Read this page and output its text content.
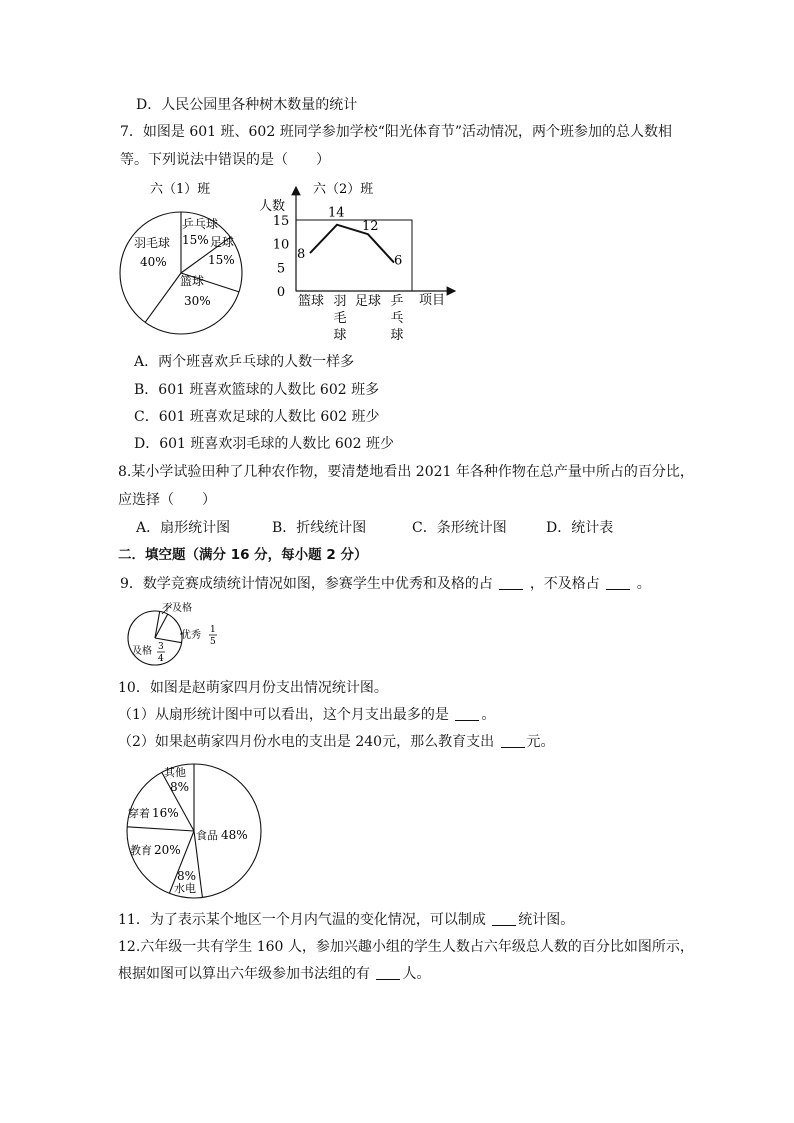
D．人民公园里各种树木数量的统计
7．如图是 601 班、602 班同学参加学校“阳光体育节”活动情况，两个班参加的总人数相
等。下列说法中错误的是（　　）
六（1）班
乒乓球
15% 足球
15%
篮球
30%
羽毛球
40%
六（2）班
人数
项目
0
5
10
15
篮球 羽毛球
足球 乒乓球
8
14
12
6
A．两个班喜欢乒乓球的人数一样多
B．601 班喜欢篮球的人数比 602 班多
C．601 班喜欢足球的人数比 602 班少
D．601 班喜欢羽毛球的人数比 602 班少
8.某小学试验田种了几种农作物，要清楚地看出 2021 年各种作物在总产量中所占的百分比，
应选择（　　）
A．扇形统计图	B．折线统计图	C．条形统计图	D．统计表
二．填空题（满分 16 分，每小题 2 分）
9．数学竞赛成绩统计情况如图，参赛学生中优秀和及格的占	，不及格占	。
不及格
优秀 1
5
及格 3
4
10．如图是赵萌家四月份支出情况统计图。
（1）从扇形统计图中可以看出，这个月支出最多的是 。
（2）如果赵萌家四月份水电的支出是 240元，那么教育支出 元。
食品 48%
8%
水电
教育 20%
穿着 16%
其他
8%
11．为了表示某个地区一个月内气温的变化情况，可以制成 统计图。
12.六年级一共有学生 160 人，参加兴趣小组的学生人数占六年级总人数的百分比如图所示，
根据如图可以算出六年级参加书法组的有 人。
